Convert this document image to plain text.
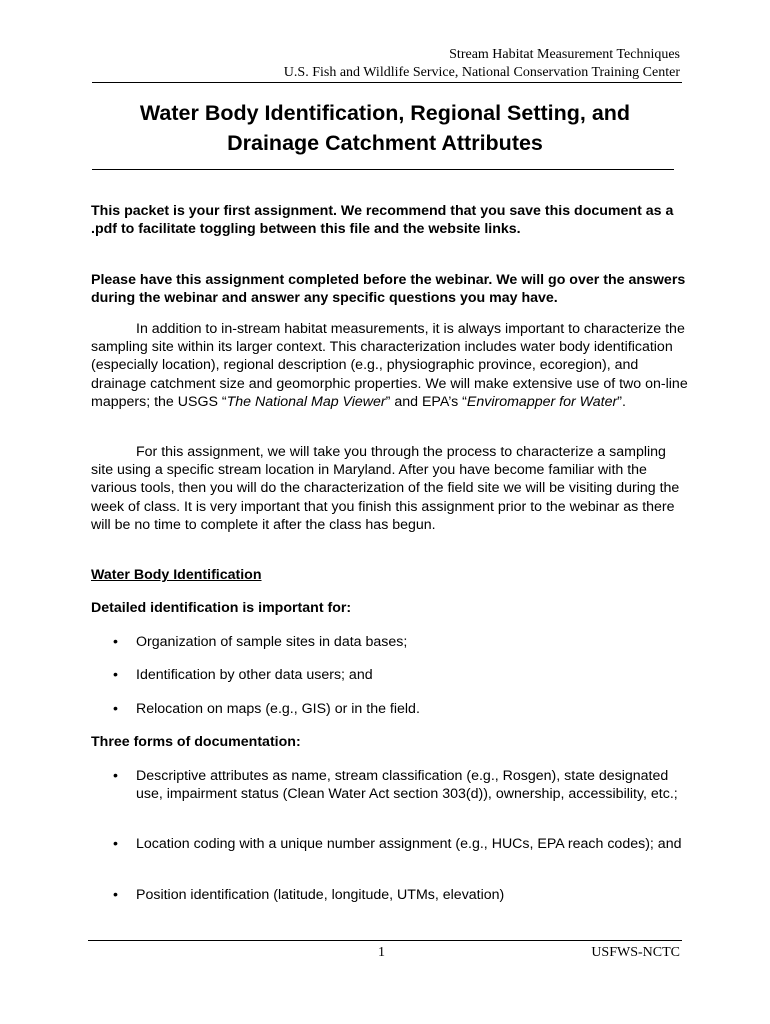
Stream Habitat Measurement Techniques
U.S. Fish and Wildlife Service, National Conservation Training Center
Water Body Identification, Regional Setting, and
Drainage Catchment Attributes
This packet is your first assignment. We recommend that you save this document as a .pdf to facilitate toggling between this file and the website links.
Please have this assignment completed before the webinar. We will go over the answers during the webinar and answer any specific questions you may have.
In addition to in-stream habitat measurements, it is always important to characterize the sampling site within its larger context. This characterization includes water body identification (especially location), regional description (e.g., physiographic province, ecoregion), and drainage catchment size and geomorphic properties. We will make extensive use of two on-line mappers; the USGS “The National Map Viewer” and EPA’s “Enviromapper for Water”.
For this assignment, we will take you through the process to characterize a sampling site using a specific stream location in Maryland. After you have become familiar with the various tools, then you will do the characterization of the field site we will be visiting during the week of class. It is very important that you finish this assignment prior to the webinar as there will be no time to complete it after the class has begun.
Water Body Identification
Detailed identification is important for:
• Organization of sample sites in data bases;
• Identification by other data users; and
• Relocation on maps (e.g., GIS) or in the field.
Three forms of documentation:
• Descriptive attributes as name, stream classification (e.g., Rosgen), state designated use, impairment status (Clean Water Act section 303(d)), ownership, accessibility, etc.;
• Location coding with a unique number assignment (e.g., HUCs, EPA reach codes); and
• Position identification (latitude, longitude, UTMs, elevation)
1	USFWS-NCTC
